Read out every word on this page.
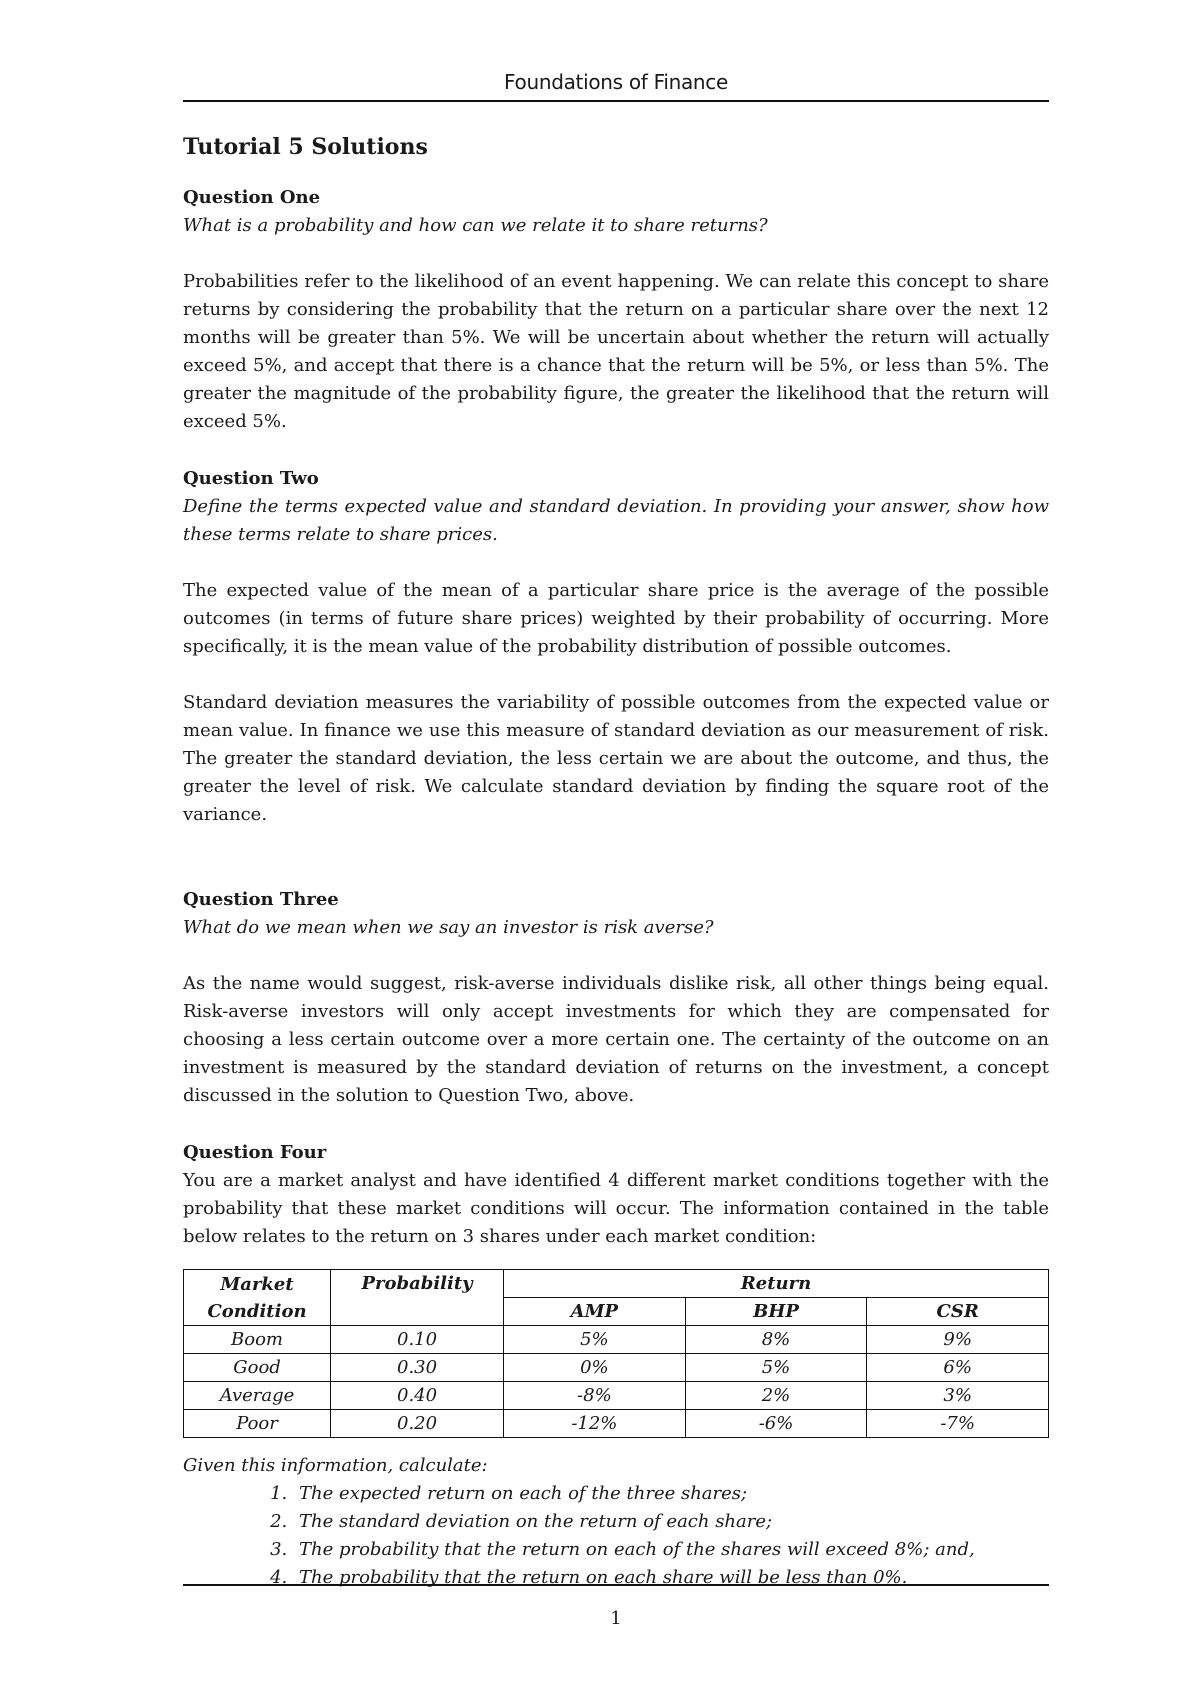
Foundations of Finance
Tutorial 5 Solutions
Question One
What is a probability and how can we relate it to share returns?
Probabilities refer to the likelihood of an event happening. We can relate this concept to share returns by considering the probability that the return on a particular share over the next 12 months will be greater than 5%. We will be uncertain about whether the return will actually exceed 5%, and accept that there is a chance that the return will be 5%, or less than 5%. The greater the magnitude of the probability figure, the greater the likelihood that the return will exceed 5%.
Question Two
Define the terms expected value and standard deviation. In providing your answer, show how these terms relate to share prices.
The expected value of the mean of a particular share price is the average of the possible outcomes (in terms of future share prices) weighted by their probability of occurring. More specifically, it is the mean value of the probability distribution of possible outcomes.
Standard deviation measures the variability of possible outcomes from the expected value or mean value. In finance we use this measure of standard deviation as our measurement of risk. The greater the standard deviation, the less certain we are about the outcome, and thus, the greater the level of risk. We calculate standard deviation by finding the square root of the variance.
Question Three
What do we mean when we say an investor is risk averse?
As the name would suggest, risk-averse individuals dislike risk, all other things being equal. Risk-averse investors will only accept investments for which they are compensated for choosing a less certain outcome over a more certain one. The certainty of the outcome on an investment is measured by the standard deviation of returns on the investment, a concept discussed in the solution to Question Two, above.
Question Four
You are a market analyst and have identified 4 different market conditions together with the probability that these market conditions will occur. The information contained in the table below relates to the return on 3 shares under each market condition:
Market
Condition	Probability	Return		
		AMP	BHP	CSR
Boom	0.10	5%	8%	9%
Good	0.30	0%	5%	6%
Average	0.40	-8%	2%	3%
Poor	0.20	-12%	-6%	-7%
Given this information, calculate:
1. The expected return on each of the three shares;
2. The standard deviation on the return of each share;
3. The probability that the return on each of the shares will exceed 8%; and,
4. The probability that the return on each share will be less than 0%.
1
